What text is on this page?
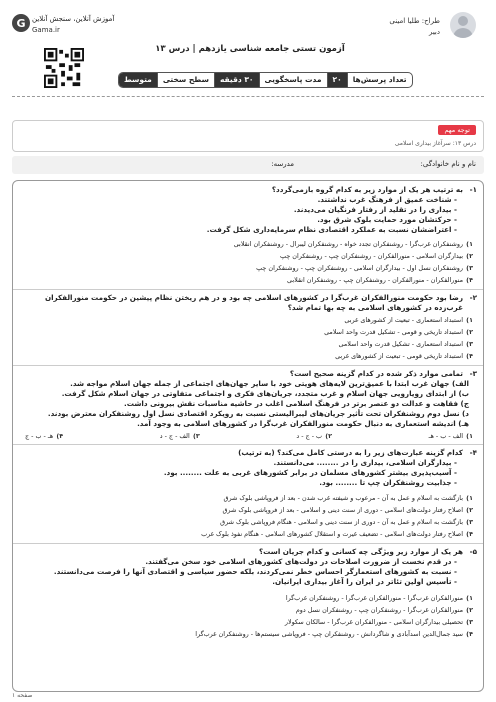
G آموزش آنلاین، سنجش آنلاین
Gama.ir
طراح: طلیا امینی
دبیر
آزمون تستی جامعه شناسی یازدهم | درس ۱۳
تعداد پرسش‌ها
۲۰
مدت پاسخگویی
۳۰ دقیقه
سطح سختی
متوسط
توجه مهم
درس ۱۳: سرآغاز بیداری اسلامی
نام و نام خانوادگی:
مدرسه:
۱-
به ترتیب هر یک از موارد زیر به کدام گروه بازمی‌گردد؟
- شناخت عمیق از فرهنگ غرب نداشتند.
- بیداری را در تقلید از رفتار فرنگیان می‌دیدند.
- حرکتشان مورد حمایت بلوک شرق بود.
- اعتراضشان نسبت به عملکرد اقتصادی نظام سرمایه‌داری شکل گرفت.
۱)روشنفکران غرب‌گرا - روشنفکران تجدد خواه - روشنفکران لیبرال - روشنفکران انقلابی
۲)بیدارگران اسلامی - منورالفکران - روشنفکران چپ - روشنفکران چپ
۳)روشنفکران نسل اول - بیدارگران اسلامی - روشنفکران چپ - روشنفکران چپ
۴)منورالفکران - منورالفکران - روشنفکران چپ - روشنفکران انقلابی
۲-
رضا بود حکومت منورالفکران غرب‌گرا در کشورهای اسلامی چه بود و در هم ریختن نظام پیشین در حکومت منورالفکران غرب‌زده در کشورهای اسلامی به چه بها تمام شد؟
۱)استبداد استعماری - تبعیت از کشورهای غربی
۲)استبداد تاریخی و قومی - تشکیل قدرت واحد اسلامی
۳)استبداد استعماری - تشکیل قدرت واحد اسلامی
۴)استبداد تاریخی قومی - تبعیت از کشورهای غربی
۳-
تمامی موارد ذکر شده در کدام گزینه صحیح است؟
الف) جهان غرب ابتدا با عمیق‌ترین لایه‌های هویتی خود با سایر جهان‌های اجتماعی از جمله جهان اسلام مواجه شد.
ب) از ابتدای رویارویی جهان اسلام و غرب متجدد، جریان‌های فکری و اجتماعی متفاوتی در جهان اسلام شکل گرفت.
ج) فقاهت و عدالت دو عنصر برتر در فرهنگ اسلامی اغلب در حاشیه مناسبات نقش بیرونی داشت.
د) نسل دوم روشنفکران تحت تأثیر جریان‌های لیبرالیستی نسبت به رویکرد اقتصادی نسل اول روشنفکران معترض بودند.
هـ) اندیشه استعماری به دنبال حکومت منورالفکران غرب‌گرا در کشورهای اسلامی به وجود آمد.
۱)الف - ب - هـ
۲)ب - ج - د
۳)الف - ج - د
۴)هـ - ب - ج
۴-
کدام گزینه عبارت‌های زیر را به درستی کامل می‌کند؟ (به ترتیب)
- بیدارگران اسلامی، بیداری را در ........ می‌دانستند.
- آسیب‌پذیری بیشتر کشورهای مسلمان در برابر کشورهای غربی به علت ........ بود.
- جذابیت روشنفکران چپ تا ........ بود.
۱)بازگشت به اسلام و عمل به آن - مرعوب و شیفته غرب شدن - بعد از فروپاشی بلوک شرق
۲)اصلاح رفتار دولت‌های اسلامی - دوری از سنت دینی و اسلامی - بعد از فروپاشی بلوک شرق
۳)بازگشت به اسلام و عمل به آن - دوری از سنت دینی و اسلامی - هنگام فروپاشی بلوک شرق
۴)اصلاح رفتار دولت‌های اسلامی - تضعیف غیرت و استقلال کشورهای اسلامی - هنگام نفوذ بلوک غرب
۵-
هر یک از موارد زیر ویژگی چه کسانی و کدام جریان است؟
- در قدم نخست از ضرورت اصلاحات در دولت‌های کشورهای اسلامی خود سخن می‌گفتند.
- نسبت به کشورهای استعمارگر احساس خطر نمی‌کردند، بلکه حضور سیاسی و اقتصادی آنها را فرصت می‌دانستند.
- تأسیس اولین تئاتر در ایران را آغاز بیداری ایرانیان.
۱)منورالفکران غرب‌گرا - منورالفکران غرب‌گرا - روشنفکران غرب‌گرا
۲)منورالفکران غرب‌گرا - روشنفکران چپ - روشنفکران نسل دوم
۳)تحصیلی بیدارگران اسلامی - منورالفکران غرب‌گرا - سالکان سکولار
۴)سید جمال‌الدین اسدآبادی و شاگردانش - روشنفکران چپ - فروپاشی سیستم‌ها - روشنفکران غرب‌گرا
صفحه ۱
